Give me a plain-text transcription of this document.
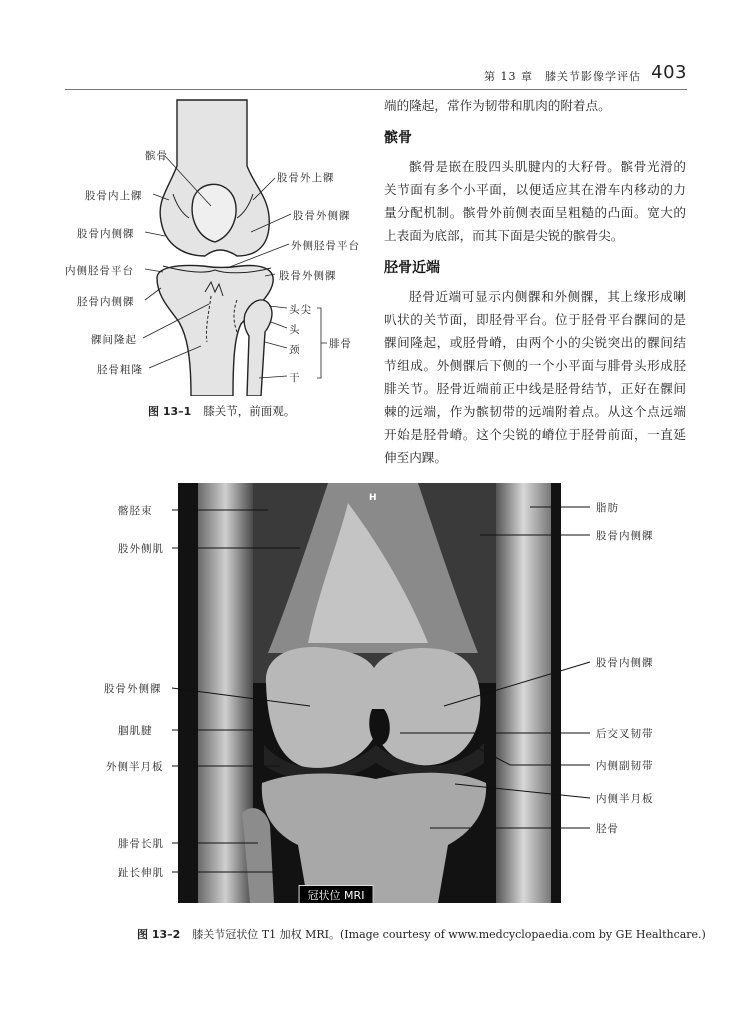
第 13 章　膝关节影像学评估 403
髌骨
股骨外上髁
股骨内上髁
股骨外侧髁
股骨内侧髁
外侧胫骨平台
内侧胫骨平台	股骨外侧髁
胫骨内侧髁
头尖
头
髁间隆起	腓骨
颈
胫骨粗隆
干
图 13–1 膝关节，前面观。

端的隆起，常作为韧带和肌肉的附着点。

髌骨

髌骨是嵌在股四头肌腱内的大籽骨。髌骨光滑的关节面有多个小平面，以便适应其在滑车内移动的力量分配机制。髌骨外前侧表面呈粗糙的凸面。宽大的上表面为底部，而其下面是尖锐的髌骨尖。

胫骨近端

胫骨近端可显示内侧髁和外侧髁，其上缘形成喇叭状的关节面，即胫骨平台。位于胫骨平台髁间的是髁间隆起，或胫骨嵴，由两个小的尖锐突出的髁间结节组成。外侧髁后下侧的一个小平面与腓骨头形成胫腓关节。胫骨近端前正中线是胫骨结节，正好在髁间棘的远端，作为髌韧带的远端附着点。从这个点远端开始是胫骨嵴。这个尖锐的嵴位于胫骨前面，一直延伸至内踝。

H
冠状位 MRI
髂胫束
股外侧肌
股骨外侧髁
腘肌腱
外侧半月板
腓骨长肌
趾长伸肌
脂肪
股骨内侧髁
股骨内侧髁
后交叉韧带
内侧副韧带
内侧半月板
胫骨
图 13–2 膝关节冠状位 T1 加权 MRI。(Image courtesy of www.medcyclopaedia.com by GE Healthcare.)
